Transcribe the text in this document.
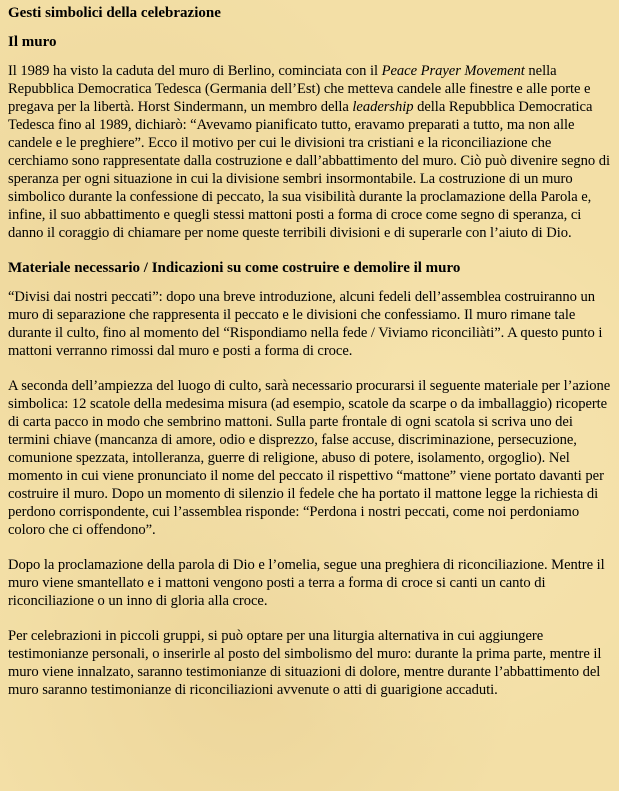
Gesti simbolici della celebrazione
Il muro

Il 1989 ha visto la caduta del muro di Berlino, cominciata con il Peace Prayer Movement nella Repubblica Democratica Tedesca (Germania dell’Est) che metteva candele alle finestre e alle porte e pregava per la libertà. Horst Sindermann, un membro della leadership della Repubblica Democratica Tedesca fino al 1989, dichiarò: “Avevamo pianificato tutto, eravamo preparati a tutto, ma non alle candele e le preghiere”. Ecco il motivo per cui le divisioni tra cristiani e la riconciliazione che cerchiamo sono rappresentate dalla costruzione e dall’abbattimento del muro. Ciò può divenire segno di speranza per ogni situazione in cui la divisione sembri insormontabile. La costruzione di un muro simbolico durante la confessione di peccato, la sua visibilità durante la proclamazione della Parola e, infine, il suo abbattimento e quegli stessi mattoni posti a forma di croce come segno di speranza, ci danno il coraggio di chiamare per nome queste terribili divisioni e di superarle con l’aiuto di Dio.

Materiale necessario / Indicazioni su come costruire e demolire il muro

“Divisi dai nostri peccati”: dopo una breve introduzione, alcuni fedeli dell’assemblea costruiranno un muro di separazione che rappresenta il peccato e le divisioni che confessiamo. Il muro rimane tale durante il culto, fino al momento del “Rispondiamo nella fede / Viviamo riconciliàti”. A questo punto i mattoni verranno rimossi dal muro e posti a forma di croce.

A seconda dell’ampiezza del luogo di culto, sarà necessario procurarsi il seguente materiale per l’azione simbolica: 12 scatole della medesima misura (ad esempio, scatole da scarpe o da imballaggio) ricoperte di carta pacco in modo che sembrino mattoni. Sulla parte frontale di ogni scatola si scriva uno dei termini chiave (mancanza di amore, odio e disprezzo, false accuse, discriminazione, persecuzione, comunione spezzata, intolleranza, guerre di religione, abuso di potere, isolamento, orgoglio). Nel momento in cui viene pronunciato il nome del peccato il rispettivo “mattone” viene portato davanti per costruire il muro. Dopo un momento di silenzio il fedele che ha portato il mattone legge la richiesta di perdono corrispondente, cui l’assemblea risponde: “Perdona i nostri peccati, come noi perdoniamo coloro che ci offendono”.

Dopo la proclamazione della parola di Dio e l’omelia, segue una preghiera di riconciliazione. Mentre il muro viene smantellato e i mattoni vengono posti a terra a forma di croce si canti un canto di riconciliazione o un inno di gloria alla croce.

Per celebrazioni in piccoli gruppi, si può optare per una liturgia alternativa in cui aggiungere testimonianze personali, o inserirle al posto del simbolismo del muro: durante la prima parte, mentre il muro viene innalzato, saranno testimonianze di situazioni di dolore, mentre durante l’abbattimento del muro saranno testimonianze di riconciliazioni avvenute o atti di guarigione accaduti.
